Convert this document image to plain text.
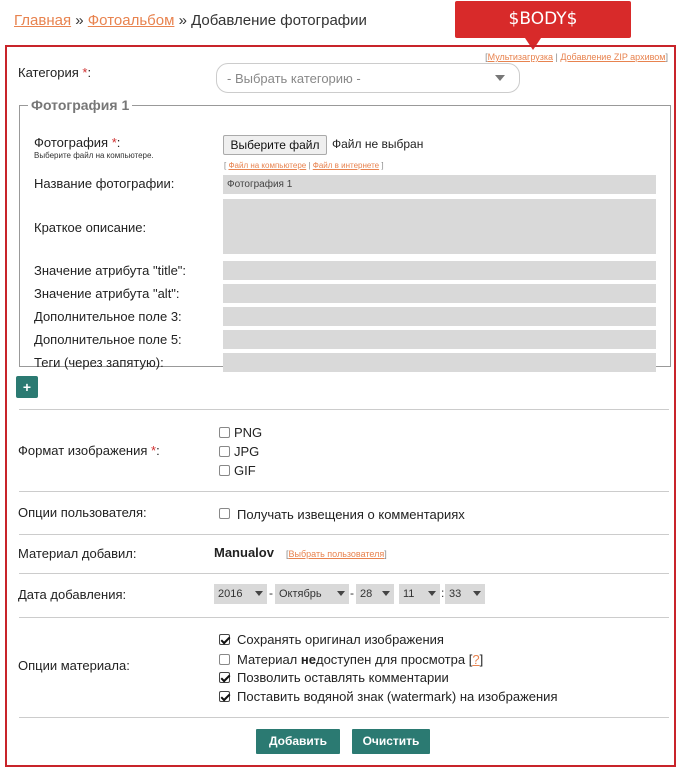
Главная » Фотоальбом » Добавление фотографии	$BODY$
[Мультизагрузка | Добавление ZIP архивом]
Категория *:	- Выбрать категорию -
Фотография 1
Фотография *:
Выберите файл на компьютере.
Выберите файл	Файл не выбран
[ Файл на компьютере | Файл в интернете ]
Название фотографии:	Фотография 1
Краткое описание:
Значение атрибута "title":
Значение атрибута "alt":
Дополнительное поле 3:
Дополнительное поле 5:
Теги (через запятую):
+
Формат изображения *:
PNG
JPG
GIF
Опции пользователя:	Получать извещения о комментариях
Материал добавил:	Manualov [Выбрать пользователя]
Дата добавления:	2016	- Октябрь	- 28	11	: 33
Опции материала:
Сохранять оригинал изображения
Материал недоступен для просмотра [?]
Позволить оставлять комментарии
Поставить водяной знак (watermark) на изображения
Добавить	Очистить
